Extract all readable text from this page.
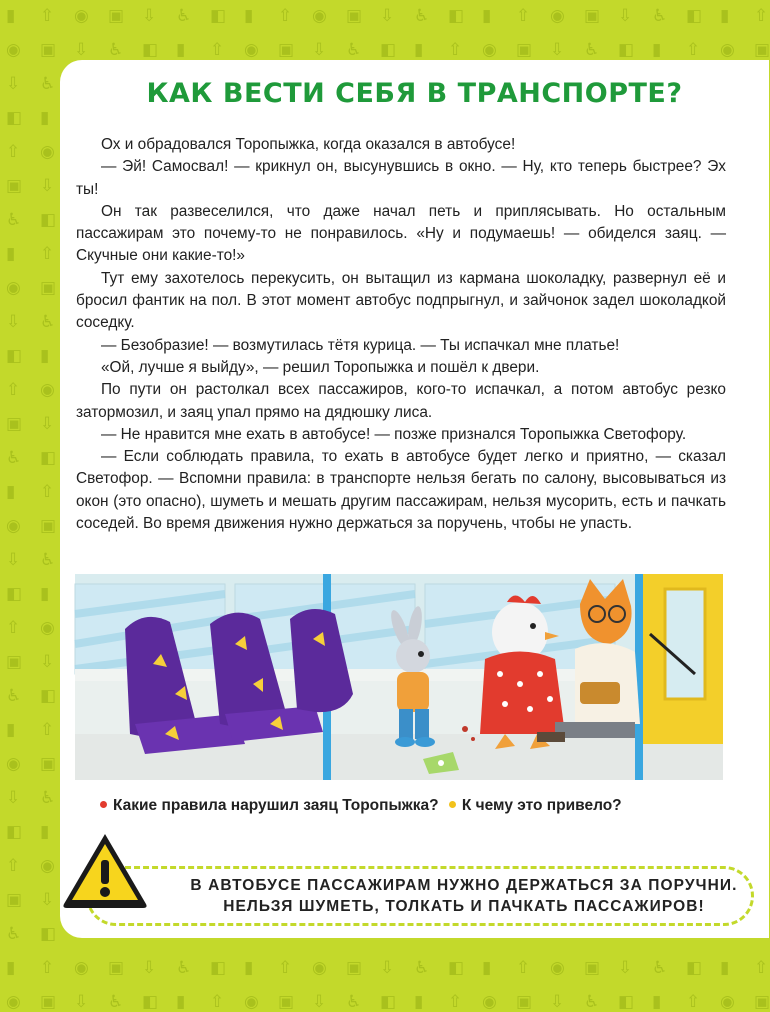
▮ ⇧ ◉ ▣ ⇩ ♿ ◧ ▮ ⇧ ◉ ▣ ⇩ ♿ ◧ ▮ ⇧ ◉ ▣ ⇩ ♿ ◧ ▮ ⇧
◉ ▣ ⇩ ♿ ◧ ▮ ⇧ ◉ ▣ ⇩ ♿ ◧ ▮ ⇧ ◉ ▣ ⇩ ♿ ◧ ▮ ⇧ ◉ ▣
⇩ ♿
◧ ▮
⇧ ◉
▣ ⇩
♿ ◧
▮ ⇧
◉ ▣
⇩ ♿
◧ ▮
⇧ ◉
▣ ⇩
♿ ◧
▮ ⇧
◉ ▣
⇩ ♿
◧ ▮
⇧ ◉
▣ ⇩
♿ ◧
▮ ⇧
◉ ▣
⇩ ♿
◧ ▮
⇧ ◉
▣ ⇩
♿ ◧
▮ ⇧ ◉ ▣ ⇩ ♿ ◧ ▮ ⇧ ◉ ▣ ⇩ ♿ ◧ ▮ ⇧ ◉ ▣ ⇩ ♿ ◧ ▮ ⇧
◉ ▣ ⇩ ♿ ◧ ▮ ⇧ ◉ ▣ ⇩ ♿ ◧ ▮ ⇧ ◉ ▣ ⇩ ♿ ◧ ▮ ⇧ ◉ ▣
КАК ВЕСТИ СЕБЯ В ТРАНСПОРТЕ?

Ох и обрадовался Торопыжка, когда оказался в автобусе!

— Эй! Самосвал! — крикнул он, высунувшись в окно. — Ну, кто теперь быстрее? Эх ты!

Он так развеселился, что даже начал петь и приплясывать. Но остальным пассажирам это почему-то не понравилось. «Ну и подумаешь! — обиделся заяц. — Скучные они какие-то!»

Тут ему захотелось перекусить, он вытащил из кармана шоколадку, развернул её и бросил фантик на пол. В этот момент автобус подпрыгнул, и зайчонок задел шоколадкой соседку.

— Безобразие! — возмутилась тётя курица. — Ты испачкал мне платье!

«Ой, лучше я выйду», — решил Торопыжка и пошёл к двери.

По пути он растолкал всех пассажиров, кого-то испачкал, а потом автобус резко затормозил, и заяц упал прямо на дядюшку лиса.

— Не нравится мне ехать в автобусе! — позже признался Торопыжка Светофору.

— Если соблюдать правила, то ехать в автобусе будет легко и приятно, — сказал Светофор. — Вспомни правила: в транспорте нельзя бегать по салону, высовываться из окон (это опасно), шуметь и мешать другим пассажирам, нельзя мусорить, есть и пачкать соседей. Во время движения нужно держаться за поручень, чтобы не упасть.

Какие правила нарушил заяц Торопыжка? К чему это привело?
В АВТОБУСЕ ПАССАЖИРАМ НУЖНО ДЕРЖАТЬСЯ ЗА ПОРУЧНИ.
НЕЛЬЗЯ ШУМЕТЬ, ТОЛКАТЬ И ПАЧКАТЬ ПАССАЖИРОВ!
